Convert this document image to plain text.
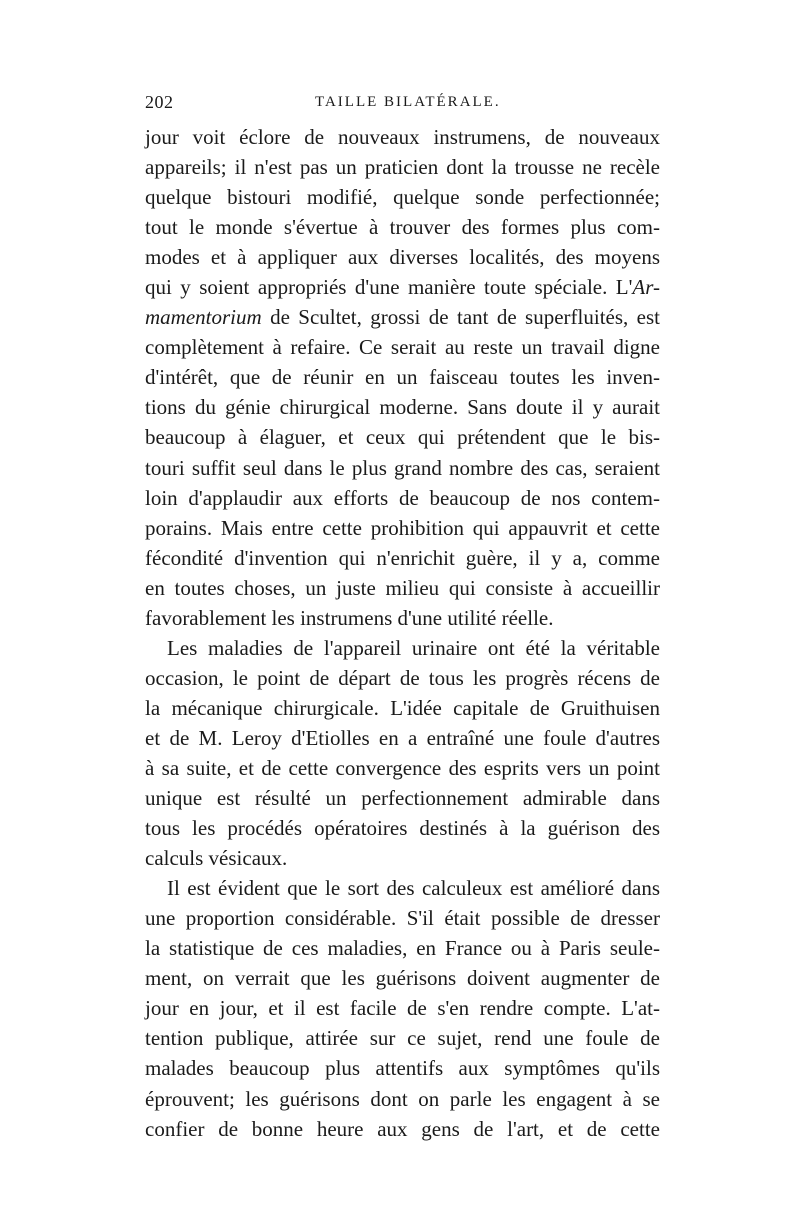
202	TAILLE BILATÉRALE.
jour voit éclore de nouveaux instrumens, de nouveaux
appareils; il n'est pas un praticien dont la trousse ne recèle
quelque bistouri modifié, quelque sonde perfectionnée;
tout le monde s'évertue à trouver des formes plus com-
modes et à appliquer aux diverses localités, des moyens
qui y soient appropriés d'une manière toute spéciale. L'Ar-
mamentorium de Scultet, grossi de tant de superfluités, est
complètement à refaire. Ce serait au reste un travail digne
d'intérêt, que de réunir en un faisceau toutes les inven-
tions du génie chirurgical moderne. Sans doute il y aurait
beaucoup à élaguer, et ceux qui prétendent que le bis-
touri suffit seul dans le plus grand nombre des cas, seraient
loin d'applaudir aux efforts de beaucoup de nos contem-
porains. Mais entre cette prohibition qui appauvrit et cette
fécondité d'invention qui n'enrichit guère, il y a, comme
en toutes choses, un juste milieu qui consiste à accueillir
favorablement les instrumens d'une utilité réelle.
Les maladies de l'appareil urinaire ont été la véritable
occasion, le point de départ de tous les progrès récens de
la mécanique chirurgicale. L'idée capitale de Gruithuisen
et de M. Leroy d'Etiolles en a entraîné une foule d'autres
à sa suite, et de cette convergence des esprits vers un point
unique est résulté un perfectionnement admirable dans
tous les procédés opératoires destinés à la guérison des
calculs vésicaux.
Il est évident que le sort des calculeux est amélioré dans
une proportion considérable. S'il était possible de dresser
la statistique de ces maladies, en France ou à Paris seule-
ment, on verrait que les guérisons doivent augmenter de
jour en jour, et il est facile de s'en rendre compte. L'at-
tention publique, attirée sur ce sujet, rend une foule de
malades beaucoup plus attentifs aux symptômes qu'ils
éprouvent; les guérisons dont on parle les engagent à se
confier de bonne heure aux gens de l'art, et de cette
